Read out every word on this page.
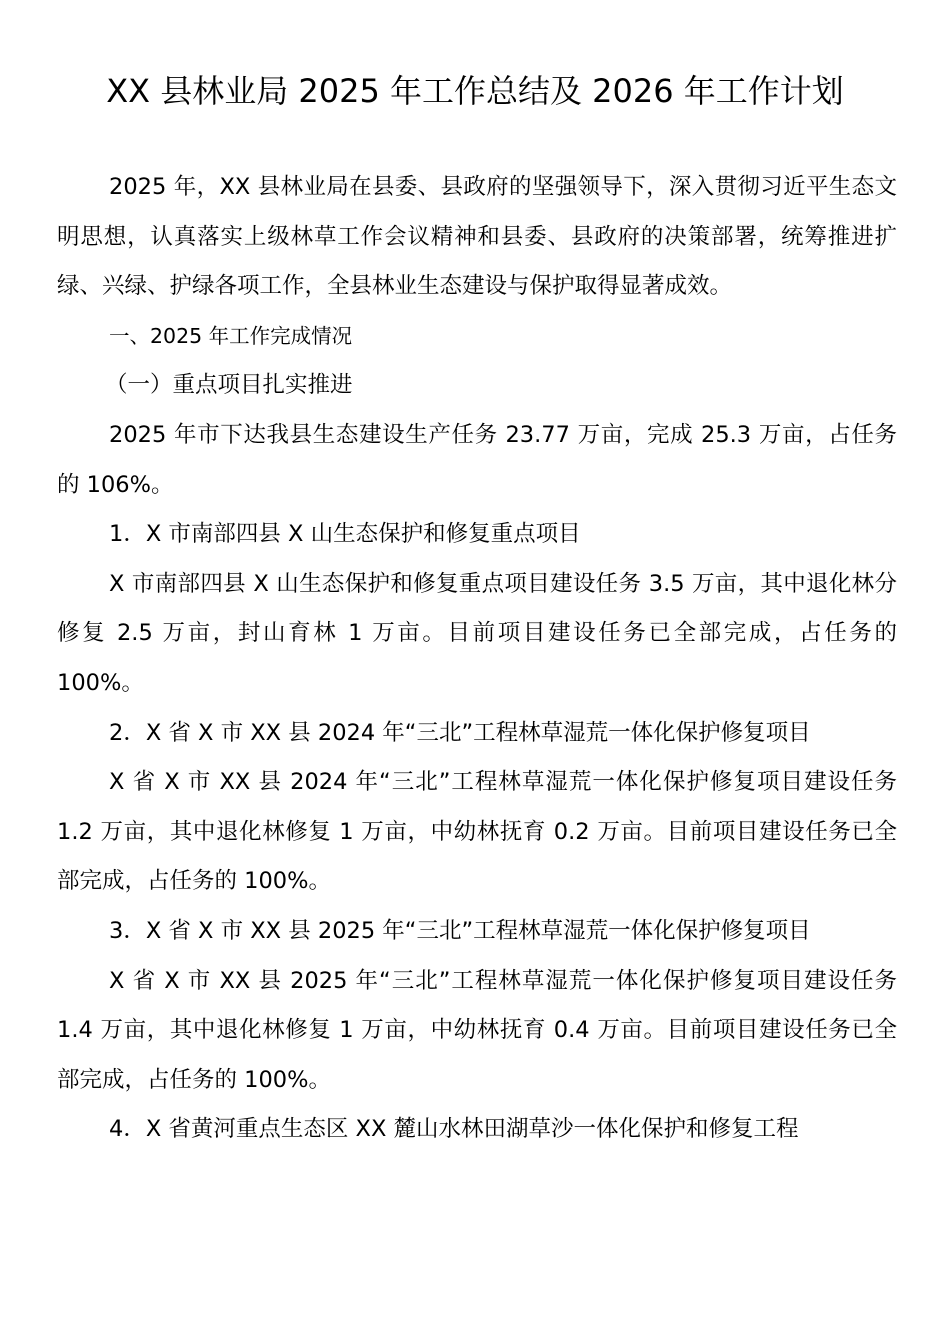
XX 县林业局 2025 年工作总结及 2026 年工作计划

2025 年，XX 县林业局在县委、县政府的坚强领导下，深入贯彻习近平生态文明思想，认真落实上级林草工作会议精神和县委、县政府的决策部署，统筹推进扩绿、兴绿、护绿各项工作，全县林业生态建设与保护取得显著成效。

一、2025 年工作完成情况

（一）重点项目扎实推进

2025 年市下达我县生态建设生产任务 23.77 万亩，完成 25.3 万亩，占任务的 106%。

1．X 市南部四县 X 山生态保护和修复重点项目

X 市南部四县 X 山生态保护和修复重点项目建设任务 3.5 万亩，其中退化林分修复 2.5 万亩，封山育林 1 万亩。目前项目建设任务已全部完成，占任务的 100%。

2．X 省 X 市 XX 县 2024 年“三北”工程林草湿荒一体化保护修复项目

X 省 X 市 XX 县 2024 年“三北”工程林草湿荒一体化保护修复项目建设任务 1.2 万亩，其中退化林修复 1 万亩，中幼林抚育 0.2 万亩。目前项目建设任务已全部完成，占任务的 100%。

3．X 省 X 市 XX 县 2025 年“三北”工程林草湿荒一体化保护修复项目

X 省 X 市 XX 县 2025 年“三北”工程林草湿荒一体化保护修复项目建设任务 1.4 万亩，其中退化林修复 1 万亩，中幼林抚育 0.4 万亩。目前项目建设任务已全部完成，占任务的 100%。

4．X 省黄河重点生态区 XX 麓山水林田湖草沙一体化保护和修复工程
